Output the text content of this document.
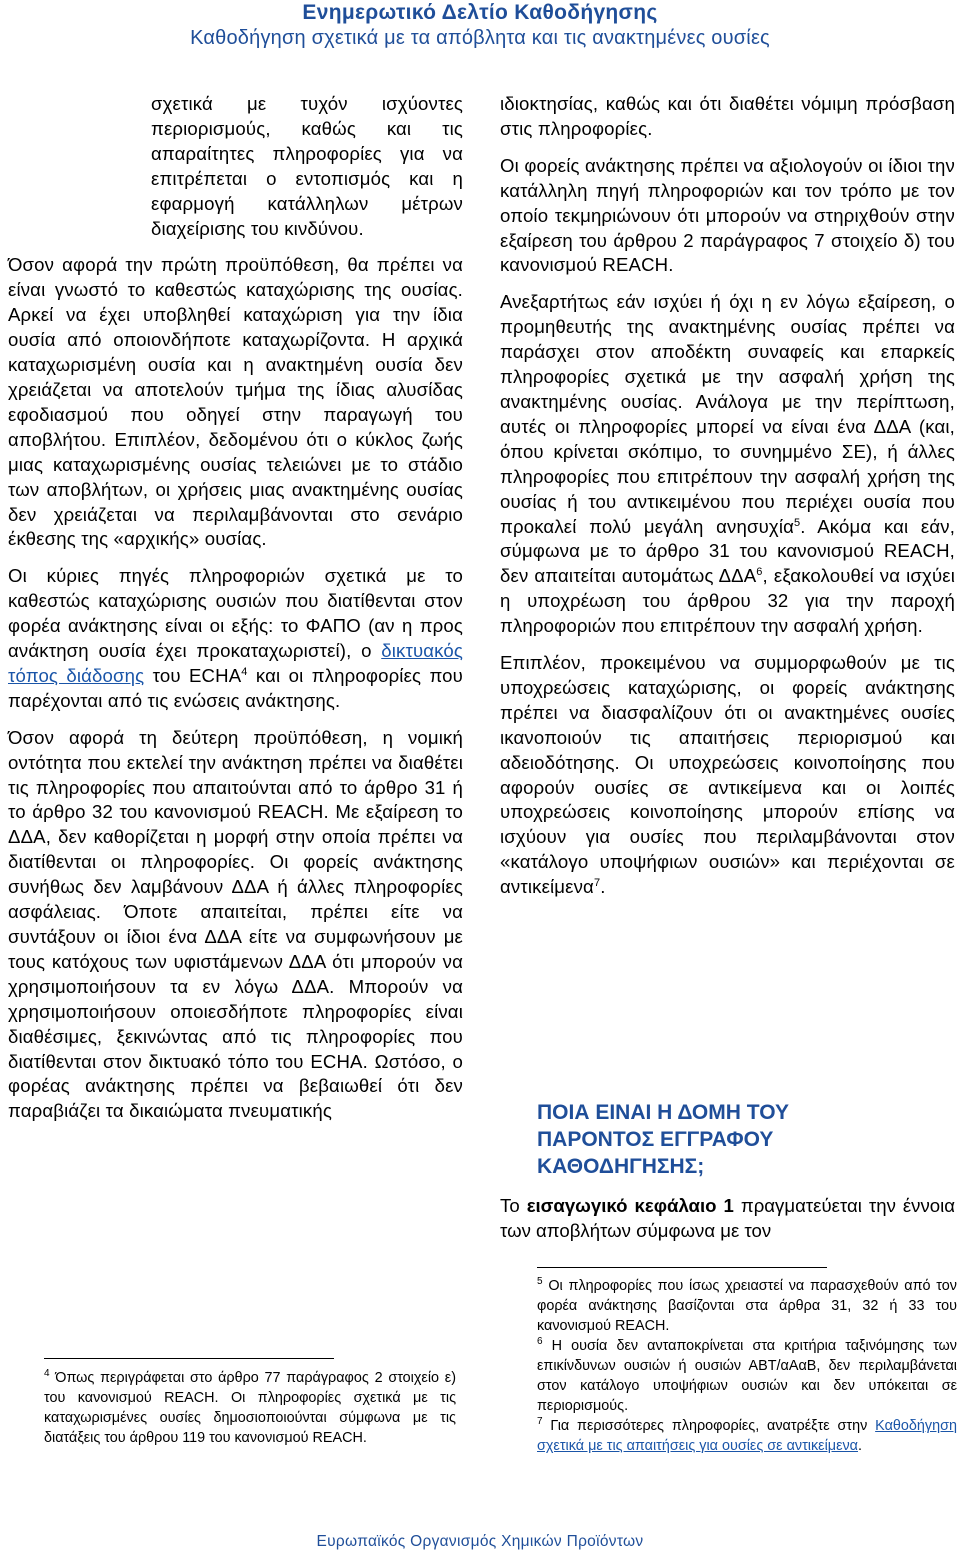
Ενημερωτικό Δελτίο Καθοδήγησης
Καθοδήγηση σχετικά με τα απόβλητα και τις ανακτημένες ουσίες

σχετικά με τυχόν ισχύοντες περιορισμούς, καθώς και τις απαραίτητες πληροφορίες για να επιτρέπεται ο εντοπισμός και η εφαρμογή κατάλληλων μέτρων διαχείρισης του κινδύνου.

Όσον αφορά την πρώτη προϋπόθεση, θα πρέπει να είναι γνωστό το καθεστώς καταχώρισης της ουσίας. Αρκεί να έχει υποβληθεί καταχώριση για την ίδια ουσία από οποιονδήποτε καταχωρίζοντα. Η αρχικά καταχωρισμένη ουσία και η ανακτημένη ουσία δεν χρειάζεται να αποτελούν τμήμα της ίδιας αλυσίδας εφοδιασμού που οδηγεί στην παραγωγή του αποβλήτου. Επιπλέον, δεδομένου ότι ο κύκλος ζωής μιας καταχωρισμένης ουσίας τελειώνει με το στάδιο των αποβλήτων, οι χρήσεις μιας ανακτημένης ουσίας δεν χρειάζεται να περιλαμβάνονται στο σενάριο έκθεσης της «αρχικής» ουσίας.

Οι κύριες πηγές πληροφοριών σχετικά με το καθεστώς καταχώρισης ουσιών που διατίθενται στον φορέα ανάκτησης είναι οι εξής: το ΦΑΠΟ (αν η προς ανάκτηση ουσία έχει προκαταχωριστεί), ο δικτυακός τόπος διάδοσης του ECHA$^4$ και οι πληροφορίες που παρέχονται από τις ενώσεις ανάκτησης.

Όσον αφορά τη δεύτερη προϋπόθεση, η νομική οντότητα που εκτελεί την ανάκτηση πρέπει να διαθέτει τις πληροφορίες που απαιτούνται από το άρθρο 31 ή το άρθρο 32 του κανονισμού REACH. Με εξαίρεση το ΔΔΑ, δεν καθορίζεται η μορφή στην οποία πρέπει να διατίθενται οι πληροφορίες. Οι φορείς ανάκτησης συνήθως δεν λαμβάνουν ΔΔΑ ή άλλες πληροφορίες ασφάλειας. Όποτε απαιτείται, πρέπει είτε να συντάξουν οι ίδιοι ένα ΔΔΑ είτε να συμφωνήσουν με τους κατόχους των υφιστάμενων ΔΔΑ ότι μπορούν να χρησιμοποιήσουν τα εν λόγω ΔΔΑ. Μπορούν να χρησιμοποιήσουν οποιεσδήποτε πληροφορίες είναι διαθέσιμες, ξεκινώντας από τις πληροφορίες που διατίθενται στον δικτυακό τόπο του ECHA. Ωστόσο, ο φορέας ανάκτησης πρέπει να βεβαιωθεί ότι δεν παραβιάζει τα δικαιώματα πνευματικής

ιδιοκτησίας, καθώς και ότι διαθέτει νόμιμη πρόσβαση στις πληροφορίες.

Οι φορείς ανάκτησης πρέπει να αξιολογούν οι ίδιοι την κατάλληλη πηγή πληροφοριών και τον τρόπο με τον οποίο τεκμηριώνουν ότι μπορούν να στηριχθούν στην εξαίρεση του άρθρου 2 παράγραφος 7 στοιχείο δ) του κανονισμού REACH.

Ανεξαρτήτως εάν ισχύει ή όχι η εν λόγω εξαίρεση, ο προμηθευτής της ανακτημένης ουσίας πρέπει να παράσχει στον αποδέκτη συναφείς και επαρκείς πληροφορίες σχετικά με την ασφαλή χρήση της ανακτημένης ουσίας. Ανάλογα με την περίπτωση, αυτές οι πληροφορίες μπορεί να είναι ένα ΔΔΑ (και, όπου κρίνεται σκόπιμο, το συνημμένο ΣΕ), ή άλλες πληροφορίες που επιτρέπουν την ασφαλή χρήση της ουσίας ή του αντικειμένου που περιέχει ουσία που προκαλεί πολύ μεγάλη ανησυχία$^5$. Ακόμα και εάν, σύμφωνα με το άρθρο 31 του κανονισμού REACH, δεν απαιτείται αυτομάτως ΔΔΑ$^6$, εξακολουθεί να ισχύει η υποχρέωση του άρθρου 32 για την παροχή πληροφοριών που επιτρέπουν την ασφαλή χρήση.

Επιπλέον, προκειμένου να συμμορφωθούν με τις υποχρεώσεις καταχώρισης, οι φορείς ανάκτησης πρέπει να διασφαλίζουν ότι οι ανακτημένες ουσίες ικανοποιούν τις απαιτήσεις περιορισμού και αδειοδότησης. Οι υποχρεώσεις κοινοποίησης που αφορούν ουσίες σε αντικείμενα και οι λοιπές υποχρεώσεις κοινοποίησης μπορούν επίσης να ισχύουν για ουσίες που περιλαμβάνονται στον «κατάλογο υποψήφιων ουσιών» και περιέχονται σε αντικείμενα$^7$.

ΠΟΙΑ ΕΙΝΑΙ Η ΔΟΜΗ ΤΟΥ ΠΑΡΟΝΤΟΣ ΕΓΓΡΑΦΟΥ ΚΑΘΟΔΗΓΗΣΗΣ;
Το εισαγωγικό κεφάλαιο 1 πραγματεύεται την έννοια των αποβλήτων σύμφωνα με τον

$^4$ Όπως περιγράφεται στο άρθρο 77 παράγραφος 2 στοιχείο ε) του κανονισμού REACH. Οι πληροφορίες σχετικά με τις καταχωρισμένες ουσίες δημοσιοποιούνται σύμφωνα με τις διατάξεις του άρθρου 119 του κανονισμού REACH.

$^5$ Οι πληροφορίες που ίσως χρειαστεί να παρασχεθούν από τον φορέα ανάκτησης βασίζονται στα άρθρα 31, 32 ή 33 του κανονισμού REACH.

$^6$ Η ουσία δεν ανταποκρίνεται στα κριτήρια ταξινόμησης των επικίνδυνων ουσιών ή ουσιών ΑΒΤ/αΑαΒ, δεν περιλαμβάνεται στον κατάλογο υποψήφιων ουσιών και δεν υπόκειται σε περιορισμούς.

$^7$ Για περισσότερες πληροφορίες, ανατρέξτε στην Καθοδήγηση σχετικά με τις απαιτήσεις για ουσίες σε αντικείμενα.

Ευρωπαϊκός Οργανισμός Χημικών Προϊόντων
